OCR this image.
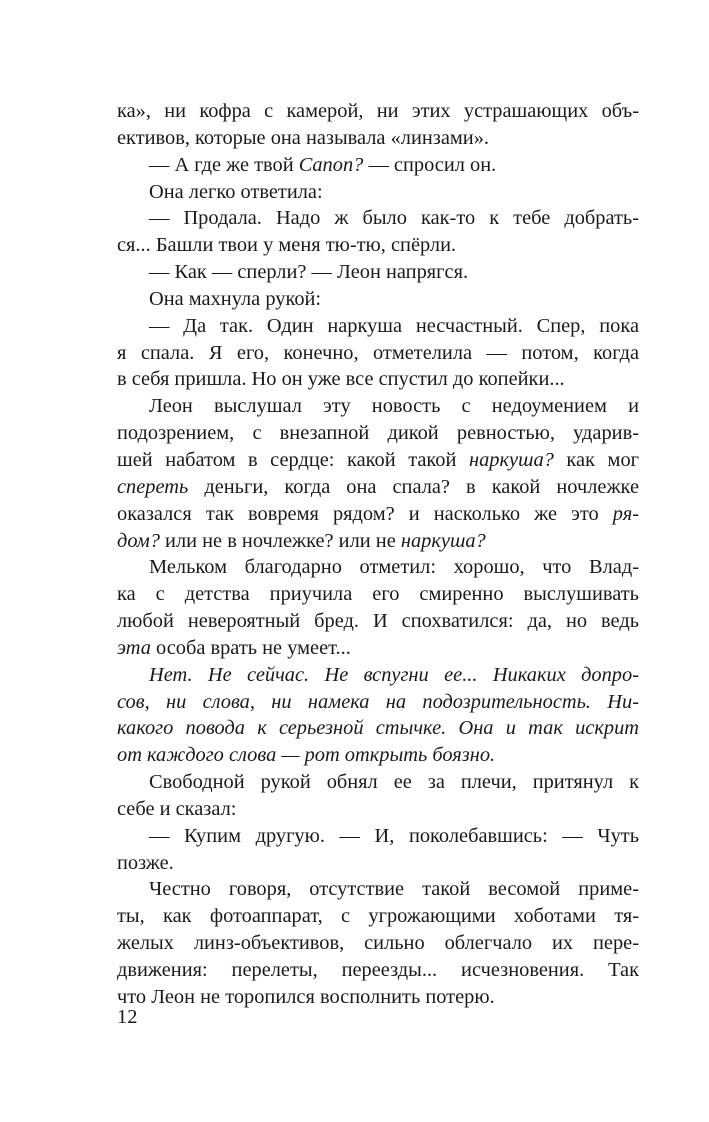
ка», ни кофра с камерой, ни этих устрашающих объ-
ективов, которые она называла «линзами».
— А где же твой Canon? — спросил он.
Она легко ответила:
— Продала. Надо ж было как-то к тебе добрать-
ся... Башли твои у меня тю-тю, спёрли.
— Как — сперли? — Леон напрягся.
Она махнула рукой:
— Да так. Один наркуша несчастный. Спер, пока
я спала. Я его, конечно, отметелила — потом, когда
в себя пришла. Но он уже все спустил до копейки...
Леон выслушал эту новость с недоумением и
подозрением, с внезапной дикой ревностью, ударив-
шей набатом в сердце: какой такой наркуша? как мог
спереть деньги, когда она спала? в какой ночлежке
оказался так вовремя рядом? и насколько же это ря-
дом? или не в ночлежке? или не наркуша?
Мельком благодарно отметил: хорошо, что Влад-
ка с детства приучила его смиренно выслушивать
любой невероятный бред. И спохватился: да, но ведь
эта особа врать не умеет...
Нет. Не сейчас. Не вспугни ее... Никаких допро-
сов, ни слова, ни намека на подозрительность. Ни-
какого повода к серьезной стычке. Она и так искрит
от каждого слова — рот открыть боязно.
Свободной рукой обнял ее за плечи, притянул к
себе и сказал:
— Купим другую. — И, поколебавшись: — Чуть
позже.
Честно говоря, отсутствие такой весомой приме-
ты, как фотоаппарат, с угрожающими хоботами тя-
желых линз-объективов, сильно облегчало их пере-
движения: перелеты, переезды... исчезновения. Так
что Леон не торопился восполнить потерю.
12
